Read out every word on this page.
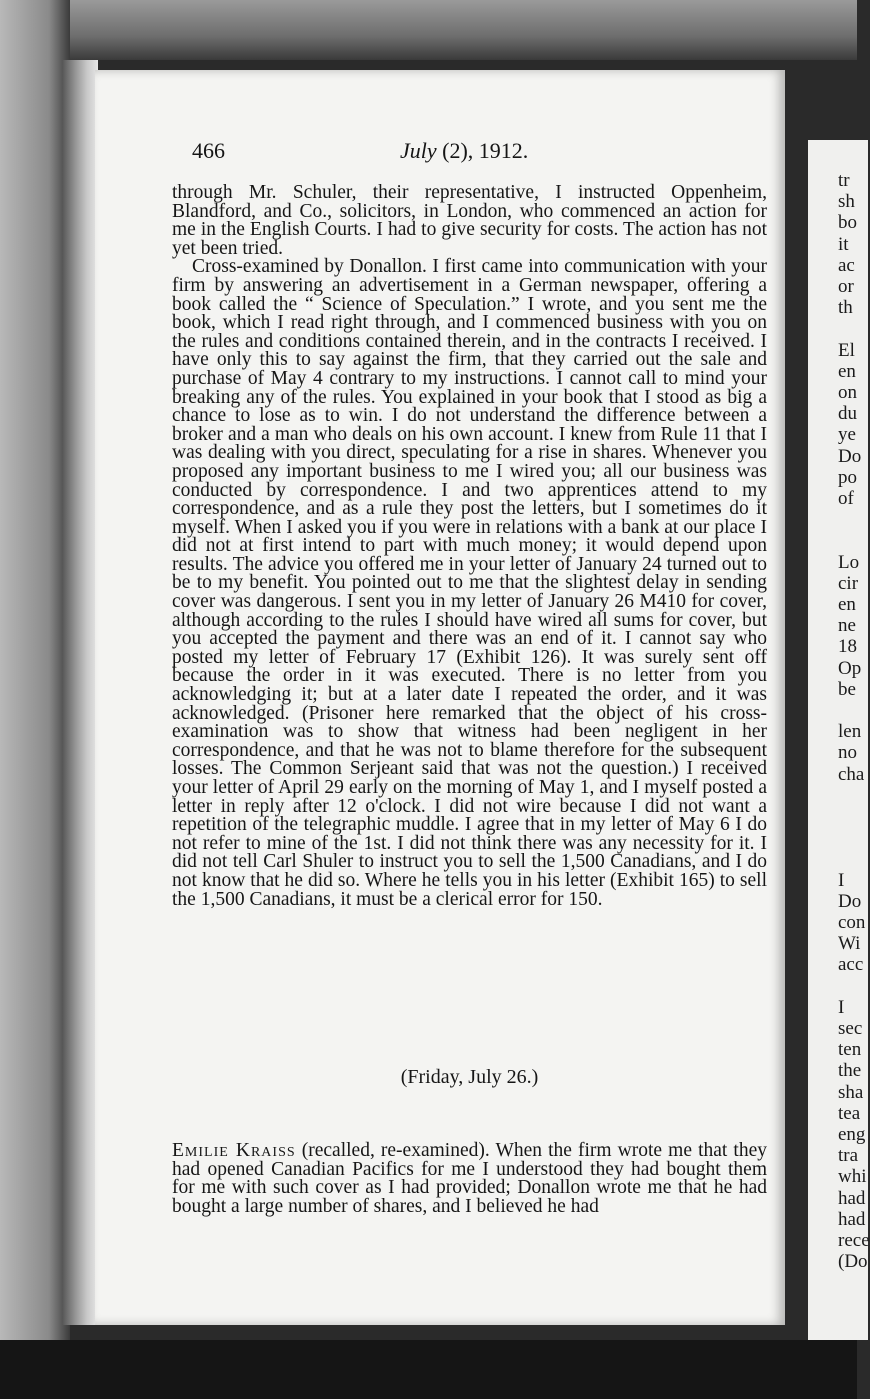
tr
sh
bo
it
ac
or
th
El
en
on
du
ye
Do
po
of
Lo
cir
en
ne
18
Op
be
len
no
cha
I
Do
con
Wi
acc
I
sec
ten
the
sha
tea
eng
tra
whi
had
had
rece
(Do
466	July (2), 1912.

through Mr. Schuler, their representative, I instructed Oppenheim, Blandford, and Co., solicitors, in London, who commenced an action for me in the English Courts. I had to give security for costs. The action has not yet been tried.

Cross-examined by Donallon. I first came into communication with your firm by answering an advertisement in a German newspaper, offering a book called the “ Science of Speculation.” I wrote, and you sent me the book, which I read right through, and I commenced business with you on the rules and conditions contained therein, and in the contracts I received. I have only this to say against the firm, that they carried out the sale and purchase of May 4 contrary to my instructions. I cannot call to mind your breaking any of the rules. You explained in your book that I stood as big a chance to lose as to win. I do not understand the difference between a broker and a man who deals on his own account. I knew from Rule 11 that I was dealing with you direct, speculating for a rise in shares. Whenever you proposed any important business to me I wired you; all our business was conducted by correspondence. I and two apprentices attend to my correspondence, and as a rule they post the letters, but I sometimes do it myself. When I asked you if you were in relations with a bank at our place I did not at first intend to part with much money; it would depend upon results. The advice you offered me in your letter of January 24 turned out to be to my benefit. You pointed out to me that the slightest delay in sending cover was dangerous. I sent you in my letter of January 26 M410 for cover, although according to the rules I should have wired all sums for cover, but you accepted the payment and there was an end of it. I cannot say who posted my letter of February 17 (Exhibit 126). It was surely sent off because the order in it was executed. There is no letter from you acknowledging it; but at a later date I repeated the order, and it was acknowledged. (Prisoner here remarked that the object of his cross-examination was to show that witness had been negligent in her correspondence, and that he was not to blame therefore for the subsequent losses. The Common Serjeant said that was not the question.) I received your letter of April 29 early on the morning of May 1, and I myself posted a letter in reply after 12 o'clock. I did not wire because I did not want a repetition of the telegraphic muddle. I agree that in my letter of May 6 I do not refer to mine of the 1st. I did not think there was any necessity for it. I did not tell Carl Shuler to instruct you to sell the 1,500 Canadians, and I do not know that he did so. Where he tells you in his letter (Exhibit 165) to sell the 1,500 Canadians, it must be a clerical error for 150.

(Friday, July 26.)

Emilie Kraiss (recalled, re-examined). When the firm wrote me that they had opened Canadian Pacifics for me I understood they had bought them for me with such cover as I had provided; Donallon wrote me that he had bought a large number of shares, and I believed he had
